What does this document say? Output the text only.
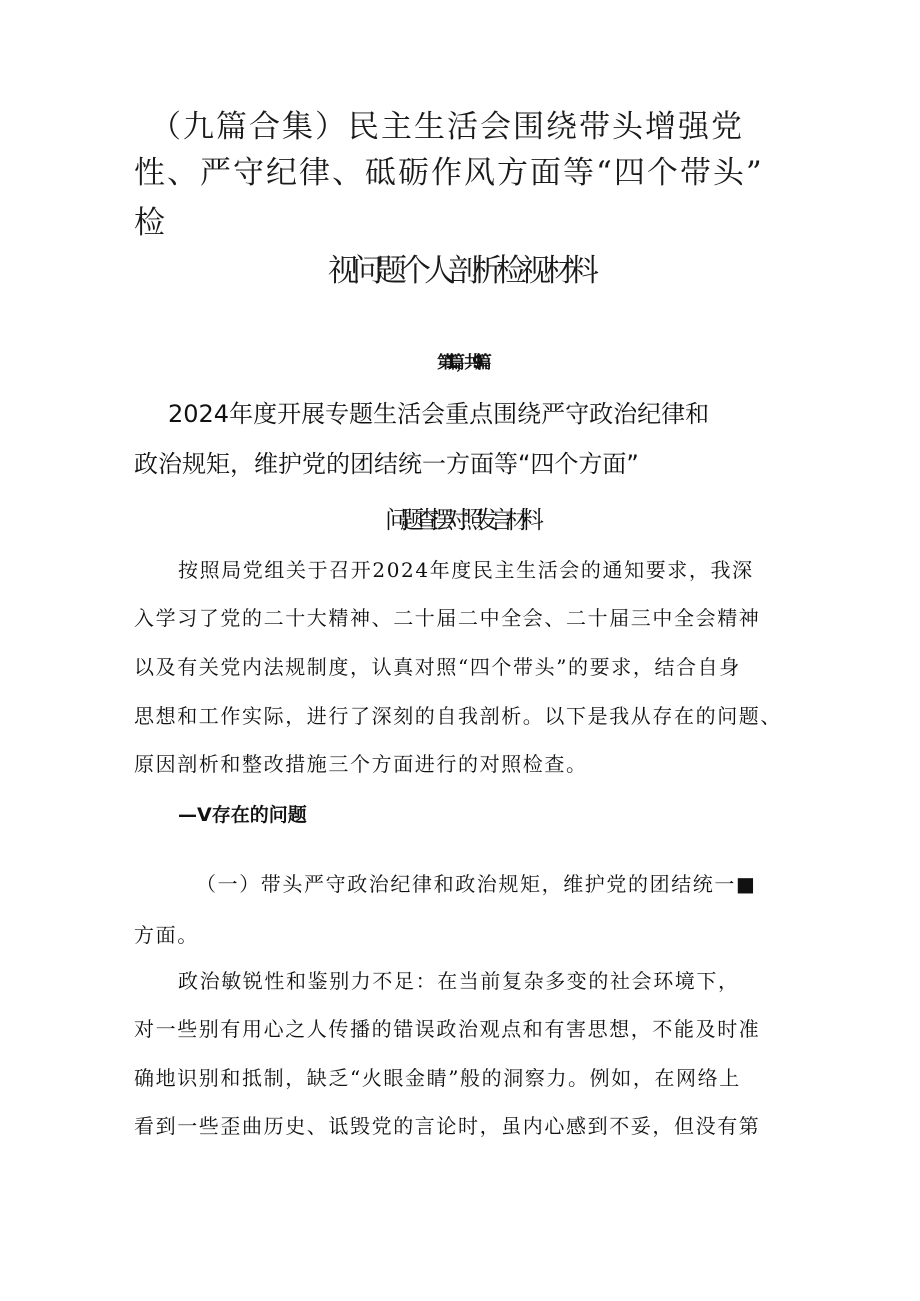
（九篇合集）民主生活会围绕带头增强党
性、严守纪律、砥砺作风方面等“四个带头”
检
视问题个人剖析检视材料
第1篇，共9篇
2024年度开展专题生活会重点围绕严守政治纪律和
政治规矩，维护党的团结统一方面等“四个方面”
问题查摆对照发言材料
按照局党组关于召开2024年度民主生活会的通知要求，我深
入学习了党的二十大精神、二十届二中全会、二十届三中全会精神
以及有关党内法规制度，认真对照“四个带头”的要求，结合自身
思想和工作实际，进行了深刻的自我剖析。以下是我从存在的问题、
原因剖析和整改措施三个方面进行的对照检查。
—V存在的问题
（一）带头严守政治纪律和政治规矩，维护党的团结统一■
方面。
政治敏锐性和鉴别力不足：在当前复杂多变的社会环境下，
对一些别有用心之人传播的错误政治观点和有害思想，不能及时准
确地识别和抵制，缺乏“火眼金睛”般的洞察力。例如，在网络上
看到一些歪曲历史、诋毁党的言论时，虽内心感到不妥，但没有第
